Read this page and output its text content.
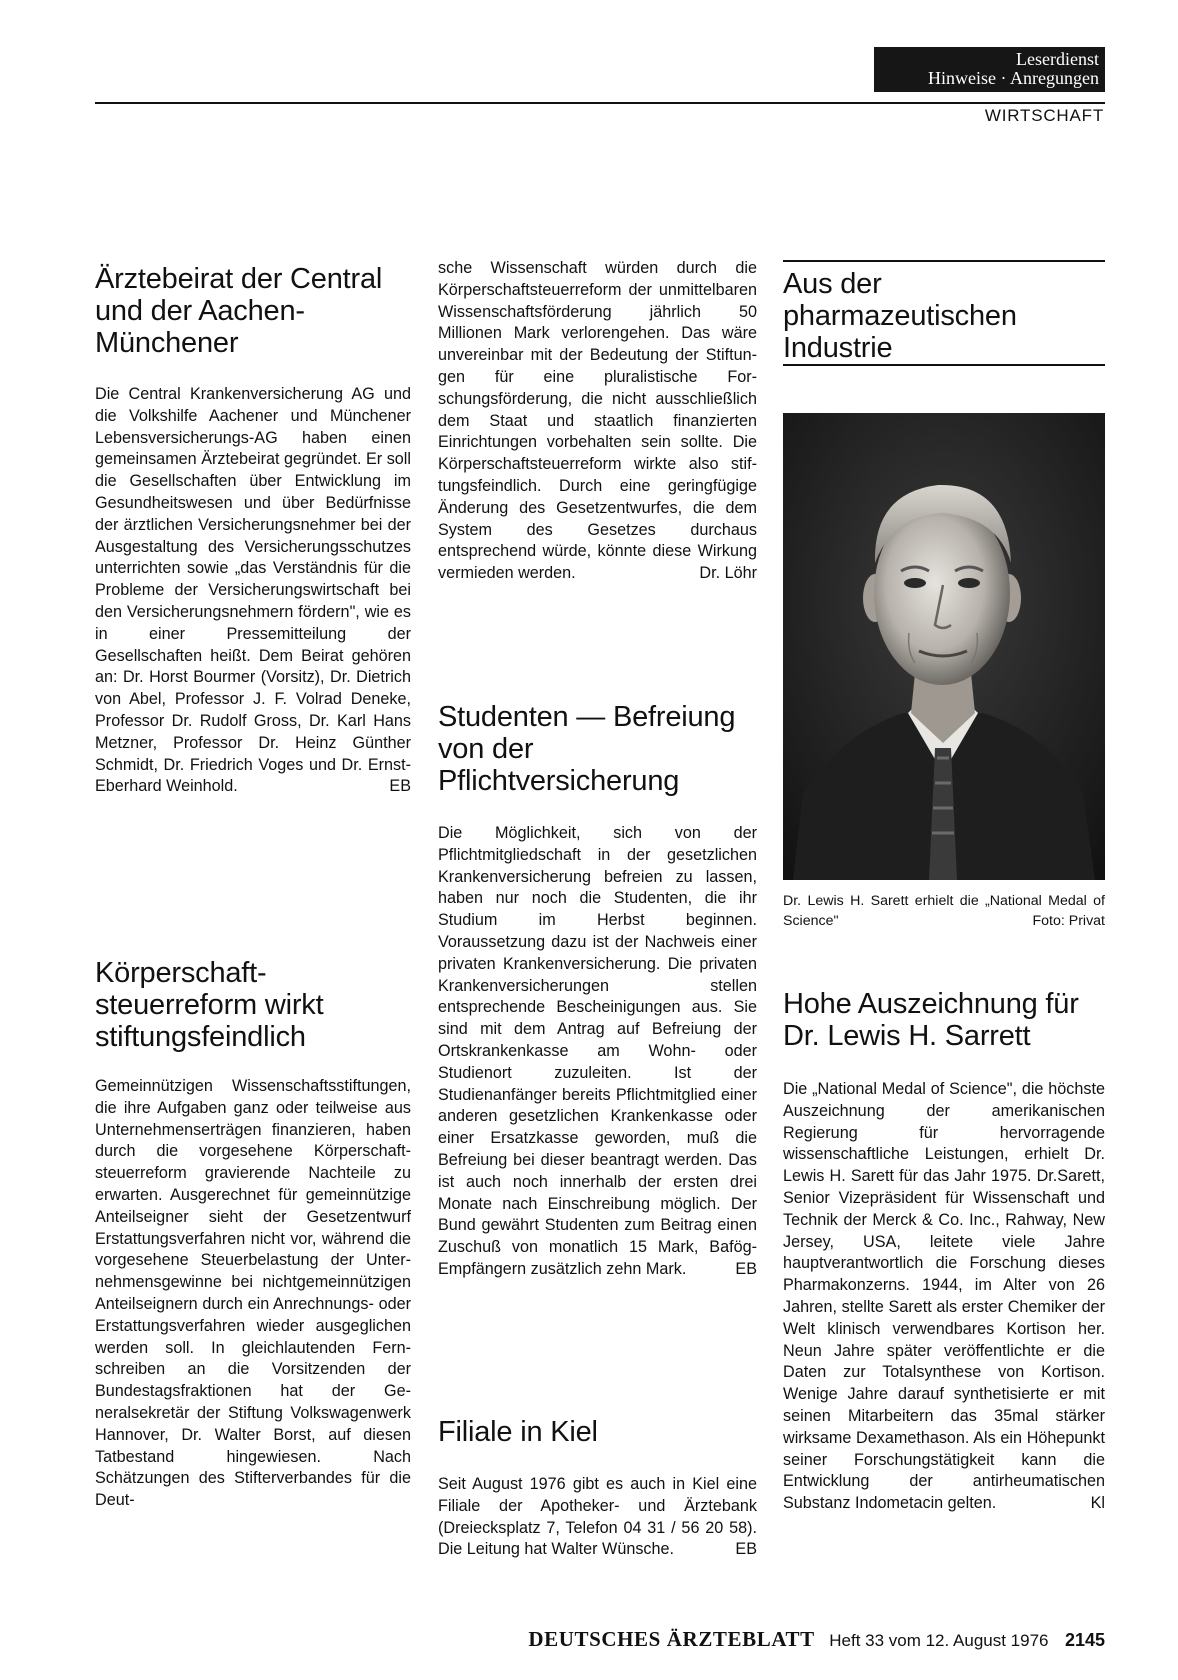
Leserdienst
Hinweise · Anregungen
WIRTSCHAFT
Ärztebeirat der Central und der Aachen-Münchener

Die Central Krankenversicherung AG und die Volkshilfe Aachener und Münchener Lebensversicherungs-AG haben einen gemeinsamen Ärztebeirat gegründet. Er soll die Gesellschaften über Entwicklung im Gesundheitswesen und über Bedürfnisse der ärztlichen Versicherungsnehmer bei der Ausgestaltung des Versicherungsschutzes unterrichten sowie „das Verständnis für die Probleme der Versicherungswirtschaft bei den Versicherungsnehmern fördern", wie es in einer Pressemitteilung der Gesellschaften heißt. Dem Beirat gehören an: Dr. Horst Bourmer (Vorsitz), Dr. Dietrich von Abel, Professor J. F. Volrad Deneke, Professor Dr. Rudolf Gross, Dr. Karl Hans Metzner, Professor Dr. Heinz Günther Schmidt, Dr. Friedrich Voges und Dr. Ernst-Eberhard Weinhold.	EB

Körperschaftsteuerreform wirkt stiftungsfeindlich

Gemeinnützigen Wissenschaftsstiftungen, die ihre Aufgaben ganz oder teilweise aus Unternehmenserträgen finanzieren, haben durch die vorgesehene Körperschaftsteuerreform gravierende Nachteile zu erwarten. Ausgerechnet für gemeinnützige Anteilseigner sieht der Gesetzentwurf Erstattungsverfahren nicht vor, während die vorgesehene Steuerbelastung der Unternehmensgewinne bei nichtgemeinnützigen Anteilseignern durch ein Anrechnungs- oder Erstattungsverfahren wieder ausgeglichen werden soll. In gleichlautenden Fernschreiben an die Vorsitzenden der Bundestagsfraktionen hat der Generalsekretär der Stiftung Volkswagenwerk Hannover, Dr. Walter Borst, auf diesen Tatbestand hingewiesen. Nach Schätzungen des Stifterverbandes für die Deut-

sche Wissenschaft würden durch die Körperschaftsteuerreform der unmittelbaren Wissenschaftsförderung jährlich 50 Millionen Mark verlorengehen. Das wäre unvereinbar mit der Bedeutung der Stiftungen für eine pluralistische Forschungsförderung, die nicht ausschließlich dem Staat und staatlich finanzierten Einrichtungen vorbehalten sein sollte. Die Körperschaftsteuerreform wirkte also stiftungsfeindlich. Durch eine geringfügige Änderung des Gesetzentwurfes, die dem System des Gesetzes durchaus entsprechend würde, könnte diese Wirkung vermieden werden.	Dr. Löhr

Studenten — Befreiung von der Pflichtversicherung

Die Möglichkeit, sich von der Pflichtmitgliedschaft in der gesetzlichen Krankenversicherung befreien zu lassen, haben nur noch die Studenten, die ihr Studium im Herbst beginnen. Voraussetzung dazu ist der Nachweis einer privaten Krankenversicherung. Die privaten Krankenversicherungen stellen entsprechende Bescheinigungen aus. Sie sind mit dem Antrag auf Befreiung der Ortskrankenkasse am Wohn- oder Studienort zuzuleiten. Ist der Studienanfänger bereits Pflichtmitglied einer anderen gesetzlichen Krankenkasse oder einer Ersatzkasse geworden, muß die Befreiung bei dieser beantragt werden. Das ist auch noch innerhalb der ersten drei Monate nach Einschreibung möglich. Der Bund gewährt Studenten zum Beitrag einen Zuschuß von monatlich 15 Mark, Bafög-Empfängern zusätzlich zehn Mark.	EB

Filiale in Kiel

Seit August 1976 gibt es auch in Kiel eine Filiale der Apotheker- und Ärztebank (Dreiecksplatz 7, Telefon 04 31 / 56 20 58). Die Leitung hat Walter Wünsche.	EB

Aus der pharmazeutischen Industrie
Dr. Lewis H. Sarett erhielt die „National Medal of Science"	Foto: Privat
Hohe Auszeichnung für Dr. Lewis H. Sarrett

Die „National Medal of Science", die höchste Auszeichnung der amerikanischen Regierung für hervorragende wissenschaftliche Leistungen, erhielt Dr. Lewis H. Sarett für das Jahr 1975. Dr.Sarett, Senior Vizepräsident für Wissenschaft und Technik der Merck & Co. Inc., Rahway, New Jersey, USA, leitete viele Jahre hauptverantwortlich die Forschung dieses Pharmakonzerns. 1944, im Alter von 26 Jahren, stellte Sarett als erster Chemiker der Welt klinisch verwendbares Kortison her. Neun Jahre später veröffentlichte er die Daten zur Totalsynthese von Kortison. Wenige Jahre darauf synthetisierte er mit seinen Mitarbeitern das 35mal stärker wirksame Dexamethason. Als ein Höhepunkt seiner Forschungstätigkeit kann die Entwicklung der antirheumatischen Substanz Indometacin gelten.	Kl

DEUTSCHES ÄRZTEBLATT Heft 33 vom 12. August 1976 2145
